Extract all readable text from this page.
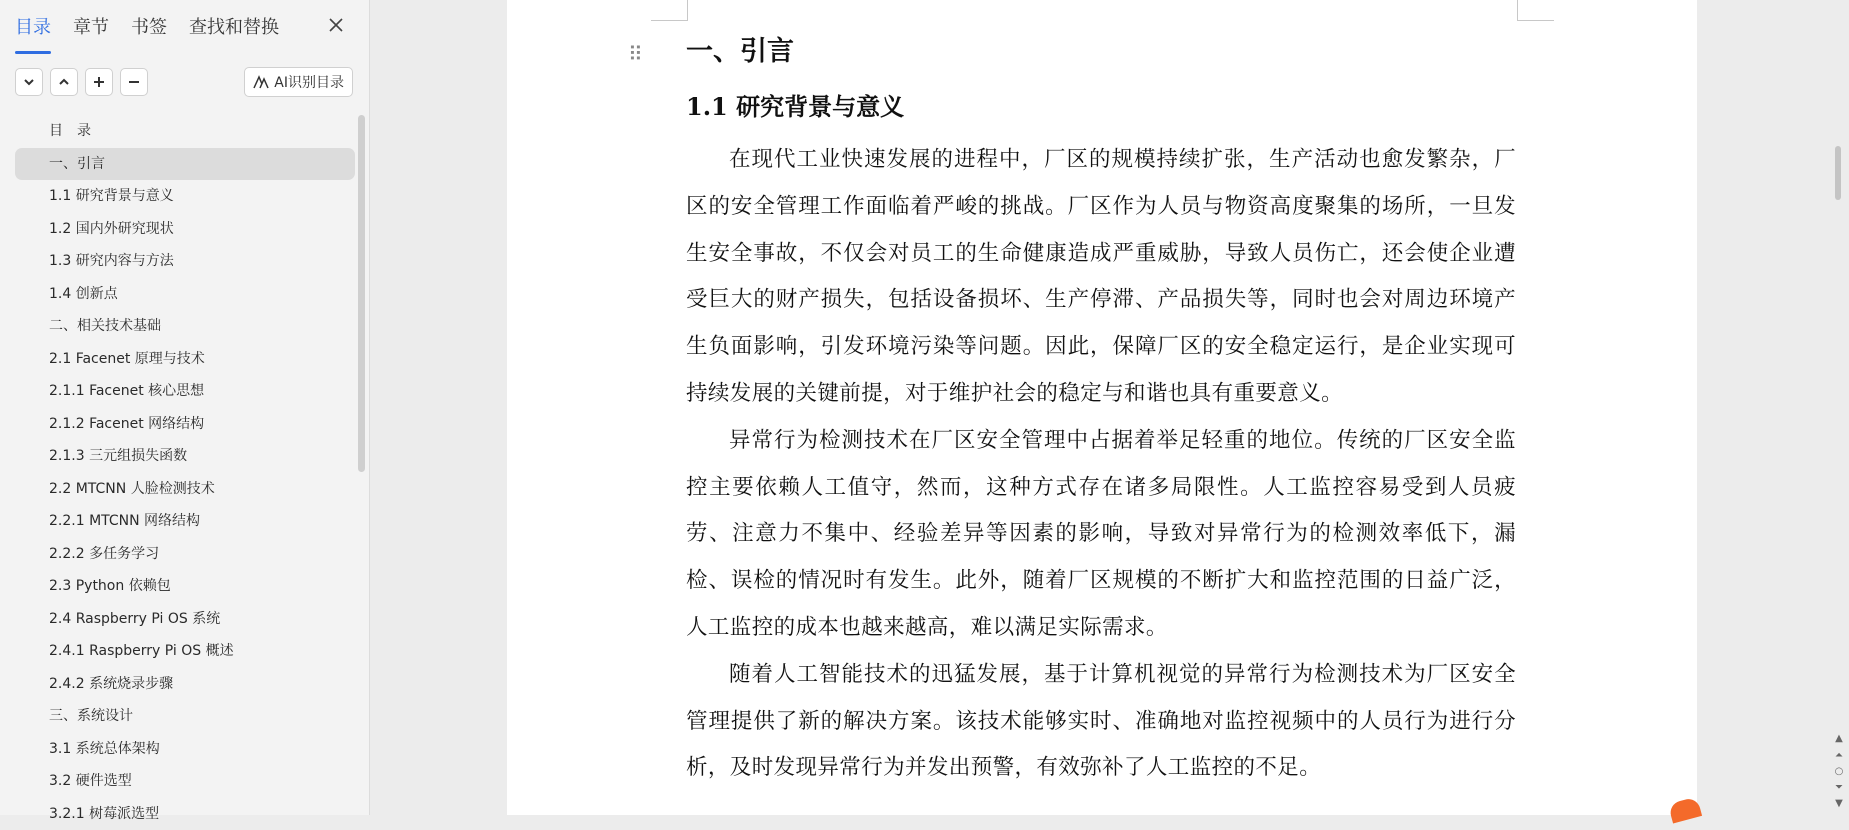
目录 章节 书签 查找和替换
AI识别目录
目　录
一、引言
1.1 研究背景与意义
1.2 国内外研究现状
1.3 研究内容与方法
1.4 创新点
二、相关技术基础
2.1 Facenet 原理与技术
2.1.1 Facenet 核心思想
2.1.2 Facenet 网络结构
2.1.3 三元组损失函数
2.2 MTCNN 人脸检测技术
2.2.1 MTCNN 网络结构
2.2.2 多任务学习
2.3 Python 依赖包
2.4 Raspberry Pi OS 系统
2.4.1 Raspberry Pi OS 概述
2.4.2 系统烧录步骤
三、系统设计
3.1 系统总体架构
3.2 硬件选型
3.2.1 树莓派选型
⠿ 一、引言
1.1 研究背景与意义

在现代工业快速发展的进程中，厂区的规模持续扩张，生产活动也愈发繁杂，厂区的安全管理工作面临着严峻的挑战。厂区作为人员与物资高度聚集的场所，一旦发生安全事故，不仅会对员工的生命健康造成严重威胁，导致人员伤亡，还会使企业遭受巨大的财产损失，包括设备损坏、生产停滞、产品损失等，同时也会对周边环境产生负面影响，引发环境污染等问题。因此，保障厂区的安全稳定运行，是企业实现可持续发展的关键前提，对于维护社会的稳定与和谐也具有重要意义。

异常行为检测技术在厂区安全管理中占据着举足轻重的地位。传统的厂区安全监控主要依赖人工值守，然而，这种方式存在诸多局限性。人工监控容易受到人员疲劳、注意力不集中、经验差异等因素的影响，导致对异常行为的检测效率低下，漏检、误检的情况时有发生。此外，随着厂区规模的不断扩大和监控范围的日益广泛，人工监控的成本也越来越高，难以满足实际需求。

随着人工智能技术的迅猛发展，基于计算机视觉的异常行为检测技术为厂区安全管理提供了新的解决方案。该技术能够实时、准确地对监控视频中的人员行为进行分析，及时发现异常行为并发出预警，有效弥补了人工监控的不足。

▲
⏶
○
⏷
▼
